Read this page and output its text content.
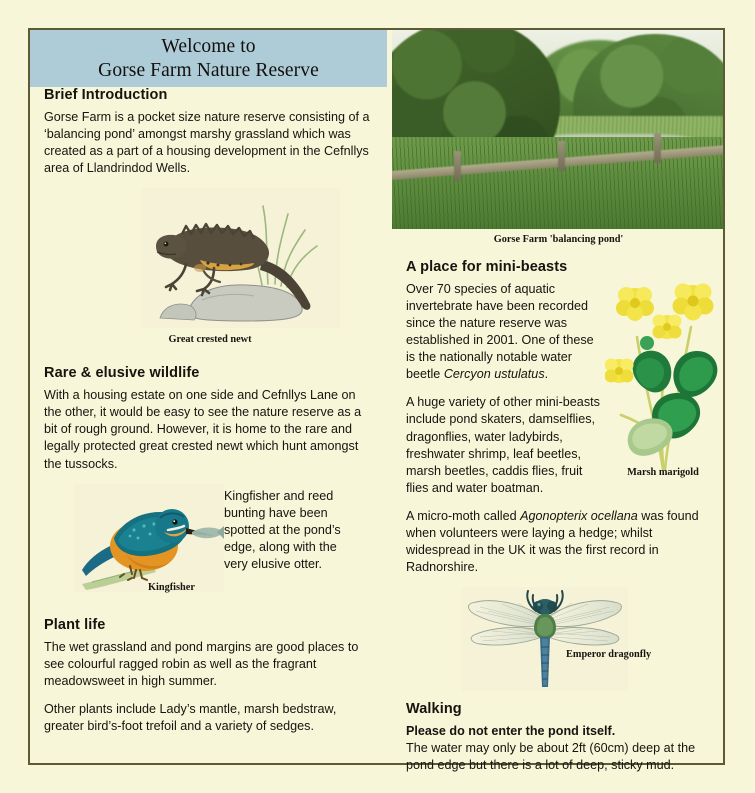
Welcome to
Gorse Farm Nature Reserve
Brief Introduction

Gorse Farm is a pocket size nature reserve consisting of a ‘balancing pond’ amongst marshy grassland which was created as a part of a housing development in the Cefnllys area of Llandrindod Wells.

Great crested newt
Rare & elusive wildlife

With a housing estate on one side and Cefnllys Lane on the other, it would be easy to see the nature reserve as a bit of rough ground. However, it is home to the rare and legally protected great crested newt which hunt amongst the tussocks.

Kingfisher and reed bunting have been spotted at the pond’s edge, along with the very elusive otter.
Kingfisher
Plant life

The wet grassland and pond margins are good places to see colourful ragged robin as well as the fragrant meadowsweet in high summer.

Other plants include Lady’s mantle, marsh bedstraw, greater bird’s-foot trefoil and a variety of sedges.

Gorse Farm 'balancing pond'
Marsh marigold
A place for mini-beasts

Over 70 species of aquatic invertebrate have been recorded since the nature reserve was established in 2001. One of these is the nationally notable water beetle Cercyon ustulatus.

A huge variety of other mini-beasts include pond skaters, damselflies, dragonflies, water ladybirds, freshwater shrimp, leaf beetles, marsh beetles, caddis flies, fruit flies and water boatman.

A micro-moth called Agonopterix ocellana was found when volunteers were laying a hedge; whilst widespread in the UK it was the first record in Radnorshire.

Emperor dragonfly
Walking

Please do not enter the pond itself.

The water may only be about 2ft (60cm) deep at the pond edge but there is a lot of deep, sticky mud.
